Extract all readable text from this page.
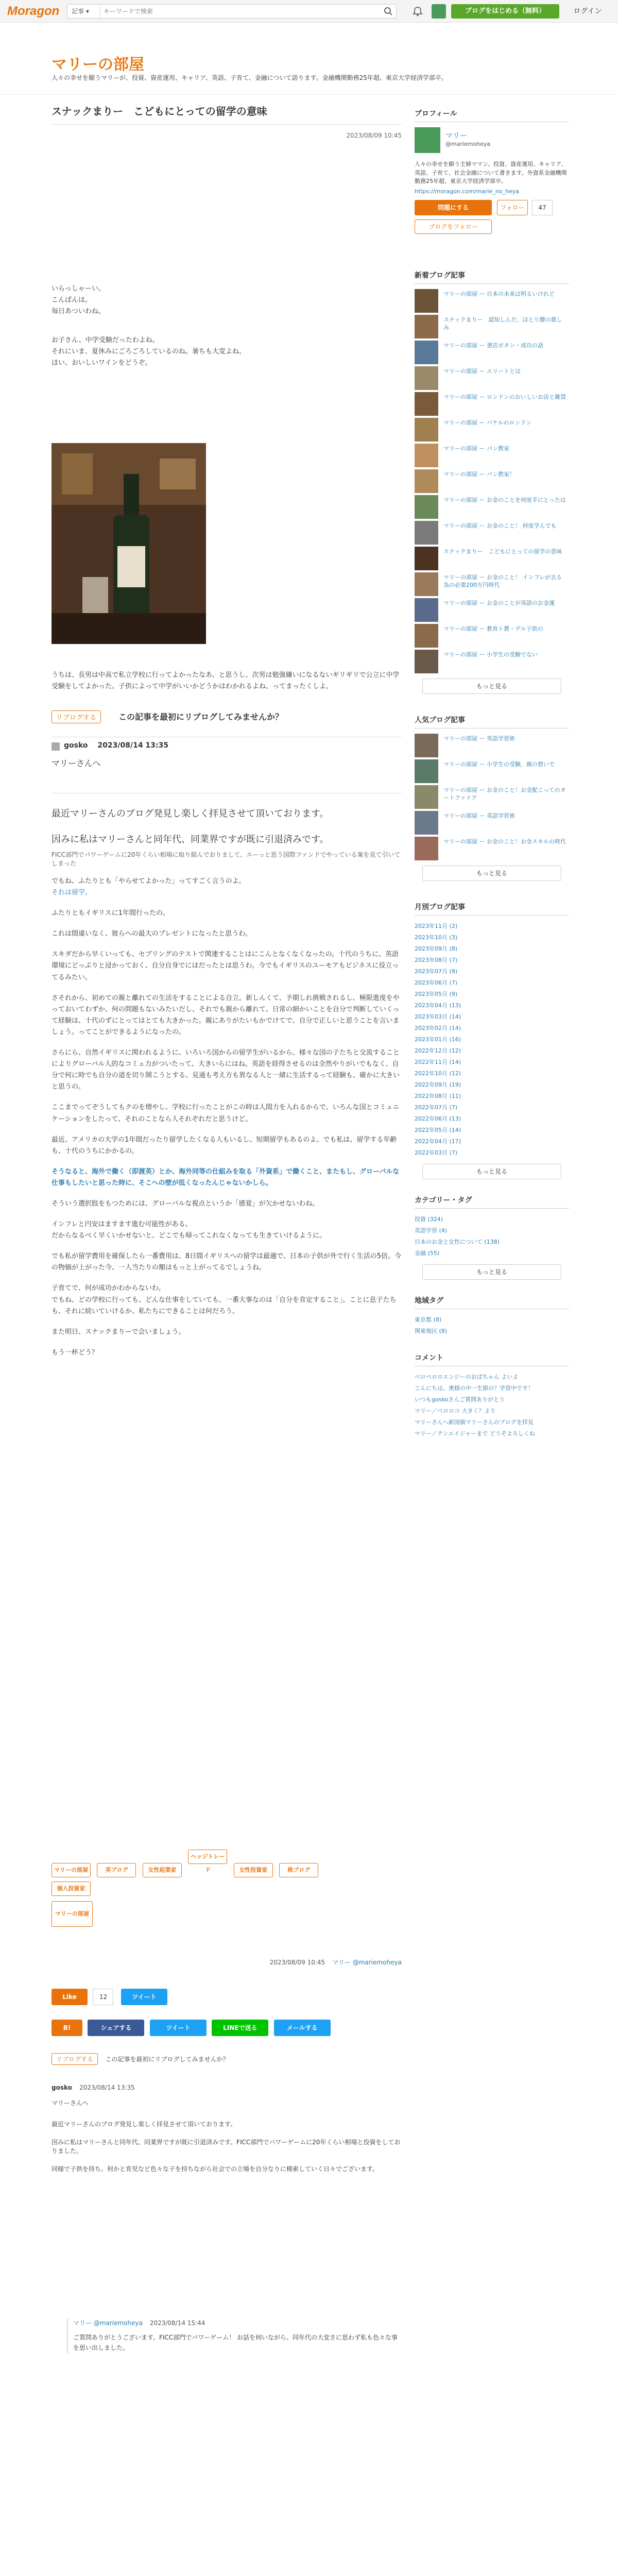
Moragon	記事 ▾
キーワードで検索	ブログをはじめる（無料）	ログイン
マリーの部屋
人々の幸せを願うマリーが、投資、資産運用、キャリア、英語、子育て、金融について語ります。金融機関勤務25年超、東京大学経済学部卒。
スナックまりー　こどもにとっての留学の意味
2023/08/09 10:45
いらっしゃーい。
こんばんは。
毎日あついわね。
お子さん、中学受験だったわよね。
それにいま、夏休みにごろごろしているのね。暑ちも大変よね。
ほい、おいしいワインをどうぞ。
うちは、長男は中高で私立学校に行ってよかったなあ、と思うし、次男は勉強嫌いになるないギリギリで公立に中学受験をしてよかった。子供によって中学がいいかどうかはわかれるよね、ってまったくしよ。
リブログする	この記事を最初にリブログしてみませんか？
gosko 2023/08/14 13:35
マリーさんへ
最近マリーさんのブログ発見し楽しく拝見させて頂いております。
因みに私はマリーさんと同年代、同業界ですが既に引退済みです。
FICC部門でパワーゲームに20年くらい相場に取り組んでおりまして、エーっと思う国際ファンドでやっている案を見て引いてしまった
でもね、ふたりとも「やらせてよかった」ってすごく言うのよ。
それは留学。
ふたりともイギリスに1年間行ったの。
これは間違いなく、彼らへの最大のプレゼントになったと思うわ。
スキダだから早くいっても、セブリングのテストで関連することはにこんとなくなくなったの。十代のうちに、英語環境にどっぷりと浸かっておく、自分自身でにはだったとは思うわ。今でもイギリスのユーモアもビジネスに役立ってるみたい。
さそれから、初めての親と離れての生活をすることによる自立。新しんくて、予期しれ挑戦されるし、極限進度をやっておいてわずか、何の問題もないみたいだし、それでも親から離れて、日常の細かいことを自分で判断していくって経験は、十代のずにとってはとても大きかった。親にありがたいもかでけてで、自分で正しいと思うことを言いましょう。ってことができるようになったの。
さらにら、自然イギリスに関われるように、いろいろ国からの留学生がいるから、様々な国の子たちと交流することによりグローバル人的なコミュ力がついたって、大きいらにはね。英語を経得させるのは全然やりがいでもなく、自分で何に時でも自分の道を切り開こうとする、見通も考え方も異なる人と一緒に生活するって経験も、確かに大きいと思うの。
ここまでってぞうしてもクのを増やし、学校に行ったことがこの時は人間力を入れるからで、いろんな国とコミュニケーションをしたって、それのことなら人それぞれだと思うけど。
最近、アメリカの大学の1年間だったり留学したくなる人もいるし、短期留学もあるのよ。でも私は、留学する年齢も、十代のうちにかかるの。
そうなると、海外で働く（即渡英）とか、海外同等の仕組みを取る「外資系」で働くこと、またもし、グローバルな仕事もしたいと思った時に、そこへの壁が低くなったんじゃないかしら。
そういう選択肢をもつためには、グローバルな視点というか「感覚」が欠かせないわね。
インフレと円安はますます進む可能性がある。
だからなるべく早くいかせないと、どこでも帰ってこれなくなっても生きていけるように。
でも私が留学費用を確保したら一番費用は、8日間イギリスへの留学は最適で、日本の子供が外で行く生活の5倍。今の物価が上がった今、一人当たりの額はもっと上がってるでしょうね。
子育てで、何が成功かわからないわ。
でもね、どの学校に行っても、どんな仕事をしていても、一番大事なのは「自分を肯定すること」。ことに息子たちも、それに続いていけるか、私たちにできることは何だろう。
また明日、スナックまりーで会いましょう。
もう一杯どう？
マリーの部屋	英ブログ	女性起業家 ヘッジトレード	女性投資家	株ブログ
個人投資家
マリーの部屋
2023/08/09 10:45 マリー @mariemoheya
Like	12	ツイート
B!	シェアする	ツイート	LINEで送る	メールする
リブログする この記事を最初にリブログしてみませんか？
gosko 2023/08/14 13:35
マリーさんへ
最近マリーさんのブログ発見し楽しく拝見させて頂いております。
因みに私はマリーさんと同年代、同業界ですが既に引退済みです。FICC部門でパワーゲームに20年くらい相場と投資をしておりました。
同様で子供を持ち、何かと育児など色々な子を持ちながら社会での立場を自分なりに模索していく日々でございます。
マリー @mariemoheya 2023/08/14 15:44
ご質問ありがとうございます。FICC部門でパワーゲーム！ お話を伺いながら、同年代の大変さに思わず私も色々な事を思い出しました。
プロフィール
マリー
@mariemoheya
人々の幸せを願う主婦ママン。投資、資産運用、キャリア、英語、子育て、社会金融について書きます。外資系金融機関勤務25年超、東京大学経済学部卒。
https://moragon.com/marie_no_heya
問題にする	フォロー	47
ブログをフォロー
新着ブログ記事
マリーの部屋 ー 日本の未来は明るいけれど
スナックまりー　認知しんだ、ほとり腰の悪しみ
マリーの部屋 ー 書店ボタン・成功の話
マリーの部屋 ー エリートとは
マリーの部屋 ー ロンドンのおいしいお店と雑貨
マリーの部屋 ー バケルのロンドン
マリーの部屋 ー パン教室
マリーの部屋 ー パン教室！
マリーの部屋 ー お金のことを何度手にとったは
マリーの部屋 ー お金のこと！ 何度学んでも
スナックまりー　こどもにとっての留学の意味
マリーの部屋 ー お金のこと！ インフレが去る為の必要200万円時代
マリーの部屋 ー お金のことが英語のお金運
マリーの部屋 ー 教育ト費・デル子供の
マリーの部屋 ー 小学生の受験でない
もっと見る
人気ブログ記事
マリーの部屋 ー 英語学習術
マリーの部屋 ー 小学生の受験、親の想いで
マリーの部屋 ー お金のこと！お金配こってのオートファイア
マリーの部屋 ー 英語学習術
マリーの部屋 ー お金のこと！お金スキルの時代
もっと見る
月別ブログ記事
2023年11月 (2)
2023年10月 (3)
2023年09月 (8)
2023年08月 (7)
2023年07月 (9)
2023年06月 (7)
2023年05月 (9)
2023年04月 (13)
2023年03月 (14)
2023年02月 (14)
2023年01月 (16)
2022年12月 (12)
2022年11月 (14)
2022年10月 (12)
2022年09月 (19)
2022年08月 (11)
2022年07月 (7)
2022年06月 (13)
2022年05月 (14)
2022年04月 (17)
2022年03月 (7)
もっと見る
カテゴリー・タグ
投資 (324)
英語学習 (4)
日本のお金と女性について (138)
金融 (55)
もっと見る
地域タグ
東京都 (8)
関東地区 (8)
コメント
ペロペロロエンジーのおばちゃん よいよ
こんにちは。奥様の中一生節の？学習中です！
いつもgoskoさんご質問ありがとう
マリー／ペロロコ 大きく？より
マリーさんへ新国旗マリーさんのブログを拝見
マリー／テンエイジャーまで どうぞよろしくね
